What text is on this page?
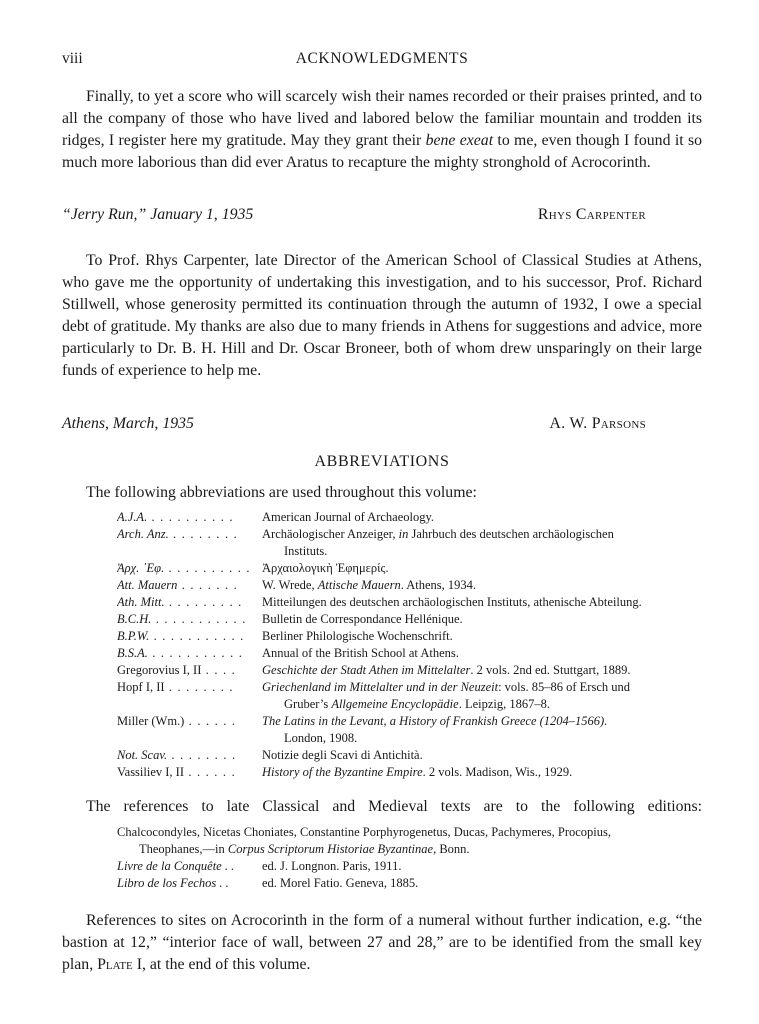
viii	ACKNOWLEDGMENTS

Finally, to yet a score who will scarcely wish their names recorded or their praises printed, and to all the company of those who have lived and labored below the familiar mountain and trodden its ridges, I register here my gratitude. May they grant their bene exeat to me, even though I found it so much more laborious than did ever Aratus to recapture the mighty stronghold of Acrocorinth.

“Jerry Run,” January 1, 1935	Rhys Carpenter

To Prof. Rhys Carpenter, late Director of the American School of Classical Studies at Athens, who gave me the opportunity of undertaking this investigation, and to his successor, Prof. Richard Stillwell, whose generosity permitted its continuation through the autumn of 1932, I owe a special debt of gratitude. My thanks are also due to many friends in Athens for suggestions and advice, more particularly to Dr. B. H. Hill and Dr. Oscar Broneer, both of whom drew unsparingly on their large funds of experience to help me.

Athens, March, 1935	A. W. Parsons
ABBREVIATIONS
The following abbreviations are used throughout this volume:
A.J.A. . . . . . . . . . .	American Journal of Archaeology.
Arch. Anz. . . . . . . . .	Archäologischer Anzeiger, in Jahrbuch des deutschen archäologischen
Instituts.
Ἀρχ. ᾽Εφ. . . . . . . . . . . Ἀρχαιολογικὴ Ἐφημερίς.
Att. Mauern . . . . . . .	W. Wrede, Attische Mauern. Athens, 1934.
Ath. Mitt. . . . . . . . . .	Mitteilungen des deutschen archäologischen Instituts, athenische Abteilung.
B.C.H. . . . . . . . . . . .	Bulletin de Correspondance Hellénique.
B.P.W. . . . . . . . . . . .	Berliner Philologische Wochenschrift.
B.S.A. . . . . . . . . . . .	Annual of the British School at Athens.
Gregorovius I, II . . . .	Geschichte der Stadt Athen im Mittelalter. 2 vols. 2nd ed. Stuttgart, 1889.
Hopf I, II . . . . . . . .	Griechenland im Mittelalter und in der Neuzeit: vols. 85–86 of Ersch und
Gruber’s Allgemeine Encyclopädie. Leipzig, 1867–8.
Miller (Wm.) . . . . . .	The Latins in the Levant, a History of Frankish Greece (1204–1566).
London, 1908.
Not. Scav. . . . . . . . .	Notizie degli Scavi di Antichità.
Vassiliev I, II . . . . . .	History of the Byzantine Empire. 2 vols. Madison, Wis., 1929.
The references to late Classical and Medieval texts are to the following editions:
Chalcocondyles, Nicetas Choniates, Constantine Porphyrogenetus, Ducas, Pachymeres, Procopius,
Theophanes,—in Corpus Scriptorum Historiae Byzantinae, Bonn.
Livre de la Conquête . .	ed. J. Longnon. Paris, 1911.
Libro de los Fechos . .	ed. Morel Fatio. Geneva, 1885.

References to sites on Acrocorinth in the form of a numeral without further indication, e.g. “the bastion at 12,” “interior face of wall, between 27 and 28,” are to be identified from the small key plan, Plate I, at the end of this volume.
